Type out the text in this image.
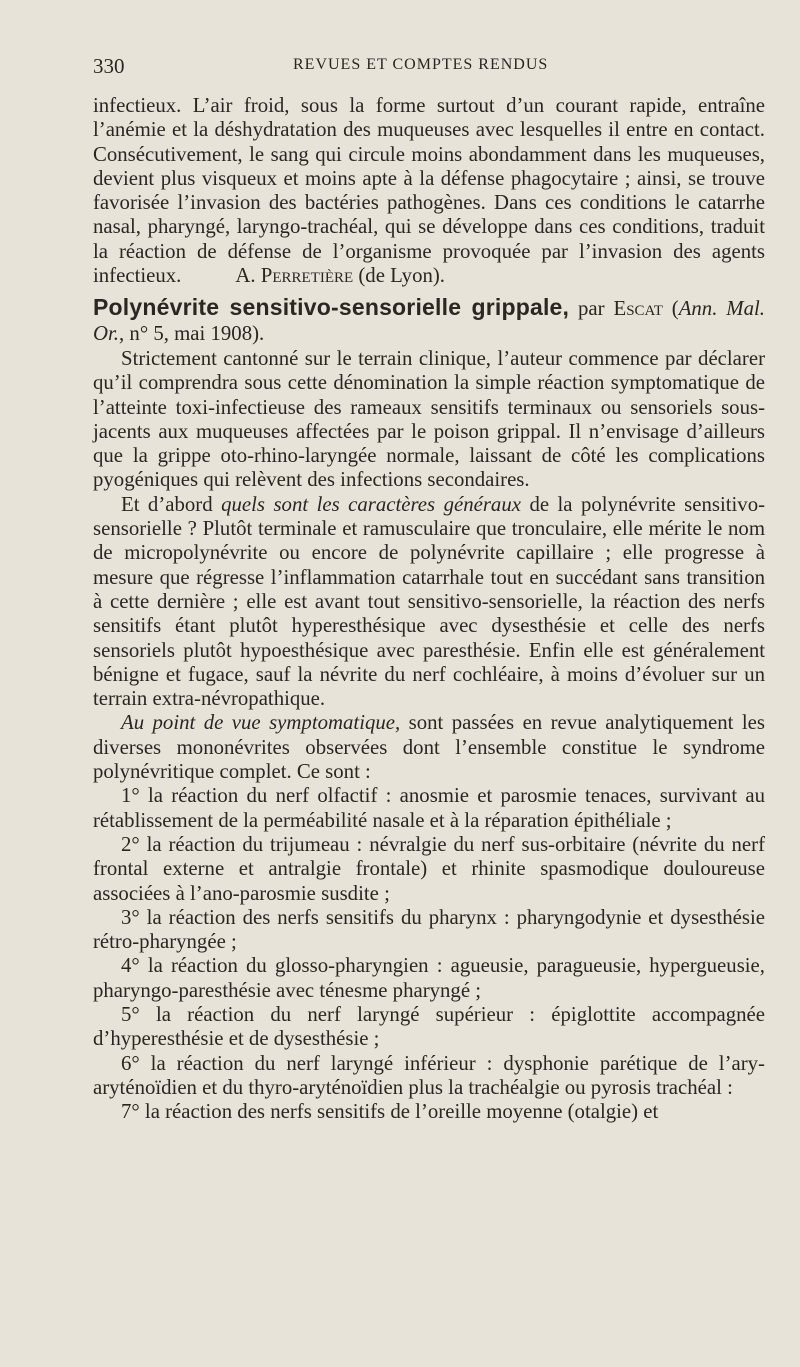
330	REVUES ET COMPTES RENDUS

infectieux. L’air froid, sous la forme surtout d’un courant rapide, entraîne l’anémie et la déshydratation des muqueuses avec lesquelles il entre en contact. Consécutivement, le sang qui circule moins abondamment dans les muqueuses, devient plus visqueux et moins apte à la défense phagocytaire ; ainsi, se trouve favorisée l’invasion des bactéries pathogènes. Dans ces conditions le catarrhe nasal, pharyngé, laryngo-trachéal, qui se développe dans ces conditions, traduit la réaction de défense de l’organisme provoquée par l’invasion des agents infectieux.	A. Perretière (de Lyon).

Polynévrite sensitivo-sensorielle grippale, par Escat (Ann. Mal. Or., n° 5, mai 1908).

Strictement cantonné sur le terrain clinique, l’auteur commence par déclarer qu’il comprendra sous cette dénomination la simple réaction symptomatique de l’atteinte toxi-infectieuse des rameaux sensitifs terminaux ou sensoriels sous-jacents aux muqueuses affectées par le poison grippal. Il n’envisage d’ailleurs que la grippe oto-rhino-laryngée normale, laissant de côté les complications pyogéniques qui relèvent des infections secondaires.

Et d’abord quels sont les caractères généraux de la polynévrite sensitivo-sensorielle ? Plutôt terminale et ramusculaire que tronculaire, elle mérite le nom de micropolynévrite ou encore de polynévrite capillaire ; elle progresse à mesure que régresse l’inflammation catarrhale tout en succédant sans transition à cette dernière ; elle est avant tout sensitivo-sensorielle, la réaction des nerfs sensitifs étant plutôt hyperesthésique avec dysesthésie et celle des nerfs sensoriels plutôt hypoesthésique avec paresthésie. Enfin elle est généralement bénigne et fugace, sauf la névrite du nerf cochléaire, à moins d’évoluer sur un terrain extra-névropathique.

Au point de vue symptomatique, sont passées en revue analytiquement les diverses mononévrites observées dont l’ensemble constitue le syndrome polynévritique complet. Ce sont :

1° la réaction du nerf olfactif : anosmie et parosmie tenaces, survivant au rétablissement de la perméabilité nasale et à la réparation épithéliale ;

2° la réaction du trijumeau : névralgie du nerf sus-orbitaire (névrite du nerf frontal externe et antralgie frontale) et rhinite spasmodique douloureuse associées à l’ano-parosmie susdite ;

3° la réaction des nerfs sensitifs du pharynx : pharyngodynie et dysesthésie rétro-pharyngée ;

4° la réaction du glosso-pharyngien : agueusie, paragueusie, hypergueusie, pharyngo-paresthésie avec ténesme pharyngé ;

5° la réaction du nerf laryngé supérieur : épiglottite accompagnée d’hyperesthésie et de dysesthésie ;

6° la réaction du nerf laryngé inférieur : dysphonie parétique de l’ary-aryténoïdien et du thyro-aryténoïdien plus la trachéalgie ou pyrosis trachéal :

7° la réaction des nerfs sensitifs de l’oreille moyenne (otalgie) et
